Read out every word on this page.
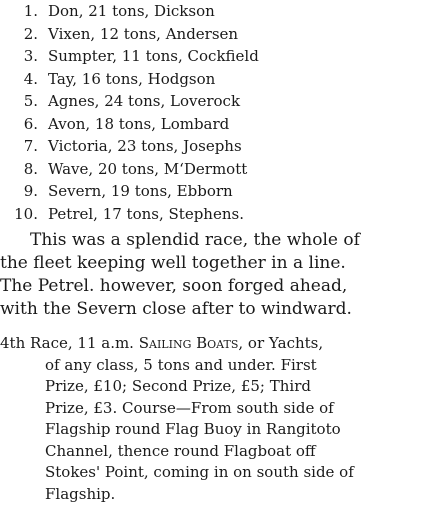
1. Don, 21 tons, Dickson
2. Vixen, 12 tons, Andersen
3. Sumpter, 11 tons, Cockfield
4. Tay, 16 tons, Hodgson
5. Agnes, 24 tons, Loverock
6. Avon, 18 tons, Lombard
7. Victoria, 23 tons, Josephs
8. Wave, 20 tons, M‘Dermott
9. Severn, 19 tons, Ebborn
10. Petrel, 17 tons, Stephens.
This was a splendid race, the whole of
the fleet keeping well together in a line.
The Petrel. however, soon forged ahead,
with the Severn close after to windward.
4th Race, 11 a.m. Sailing Boats, or Yachts,
of any class, 5 tons and under. First
Prize, £10; Second Prize, £5; Third
Prize, £3. Course—From south side of
Flagship round Flag Buoy in Rangitoto
Channel, thence round Flagboat off
Stokes' Point, coming in on south side of
Flagship.
